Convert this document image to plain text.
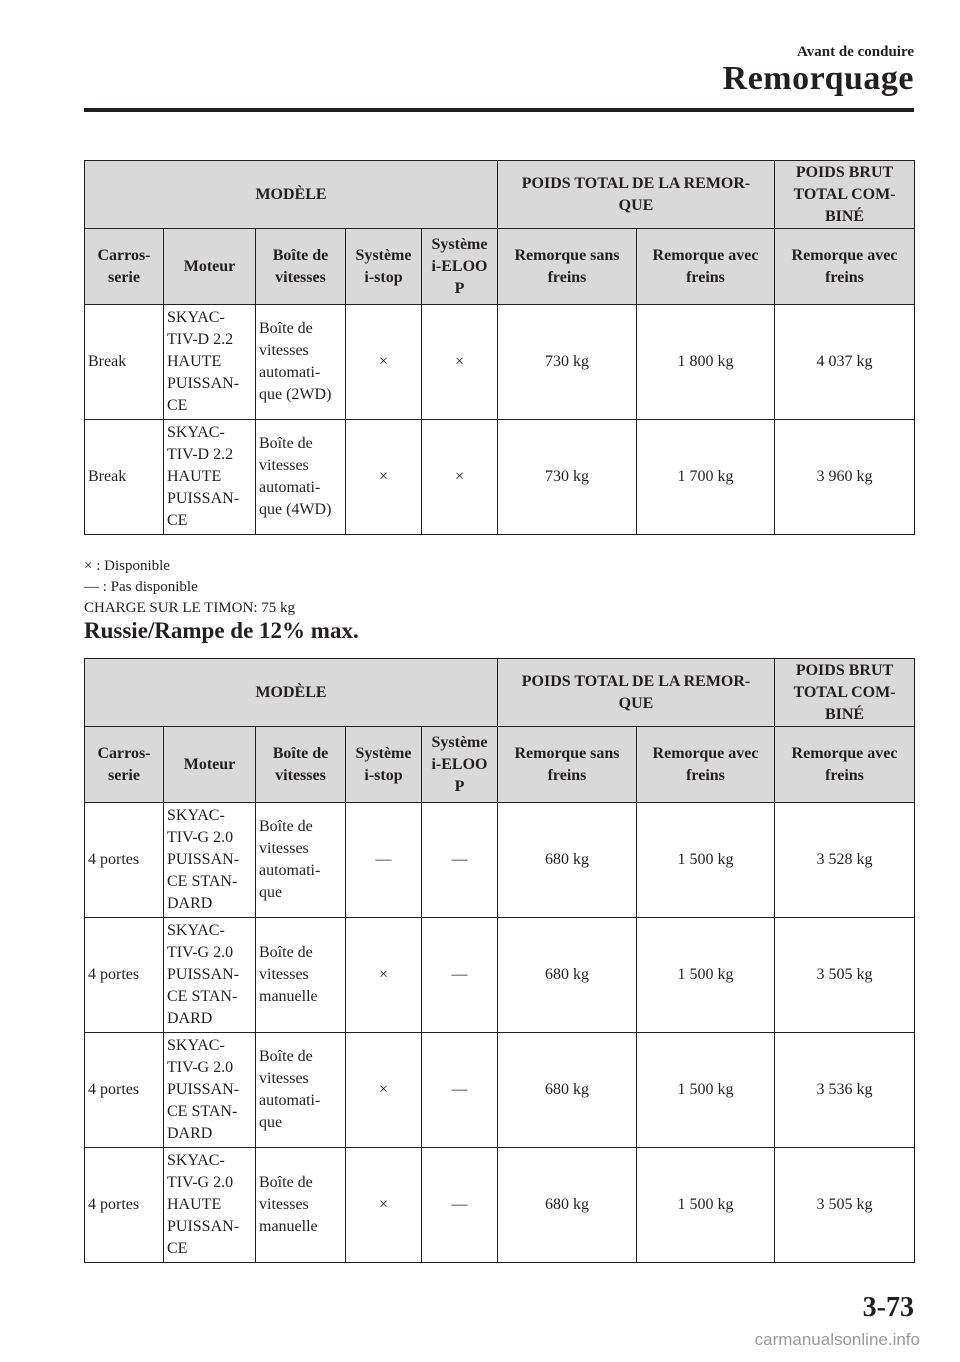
Avant de conduire
Remorquage
MODÈLE					POIDS TOTAL DE LA REMOR-
QUE		POIDS BRUT
TOTAL COM-
BINÉ
Carros-
serie	Moteur	Boîte de
vitesses	Système
i-stop	Système
i-ELOO
P	Remorque sans
freins	Remorque avec
freins	Remorque avec
freins
Break	SKYAC-
TIV-D 2.2
HAUTE
PUISSAN-
CE	Boîte de
vitesses
automati-
que (2WD)	×	×	730 kg	1 800 kg	4 037 kg
Break	SKYAC-
TIV-D 2.2
HAUTE
PUISSAN-
CE	Boîte de
vitesses
automati-
que (4WD)	×	×	730 kg	1 700 kg	3 960 kg
× : Disponible
― : Pas disponible
CHARGE SUR LE TIMON: 75 kg
Russie/Rampe de 12% max.
MODÈLE					POIDS TOTAL DE LA REMOR-
QUE		POIDS BRUT
TOTAL COM-
BINÉ
Carros-
serie	Moteur	Boîte de
vitesses	Système
i-stop	Système
i-ELOO
P	Remorque sans
freins	Remorque avec
freins	Remorque avec
freins
4 portes	SKYAC-
TIV-G 2.0
PUISSAN-
CE STAN-
DARD	Boîte de
vitesses
automati-
que	―	―	680 kg	1 500 kg	3 528 kg
4 portes	SKYAC-
TIV-G 2.0
PUISSAN-
CE STAN-
DARD	Boîte de
vitesses
manuelle	×	―	680 kg	1 500 kg	3 505 kg
4 portes	SKYAC-
TIV-G 2.0
PUISSAN-
CE STAN-
DARD	Boîte de
vitesses
automati-
que	×	―	680 kg	1 500 kg	3 536 kg
4 portes	SKYAC-
TIV-G 2.0
HAUTE
PUISSAN-
CE	Boîte de
vitesses
manuelle	×	―	680 kg	1 500 kg	3 505 kg
3-73
carmanualsonline.info
